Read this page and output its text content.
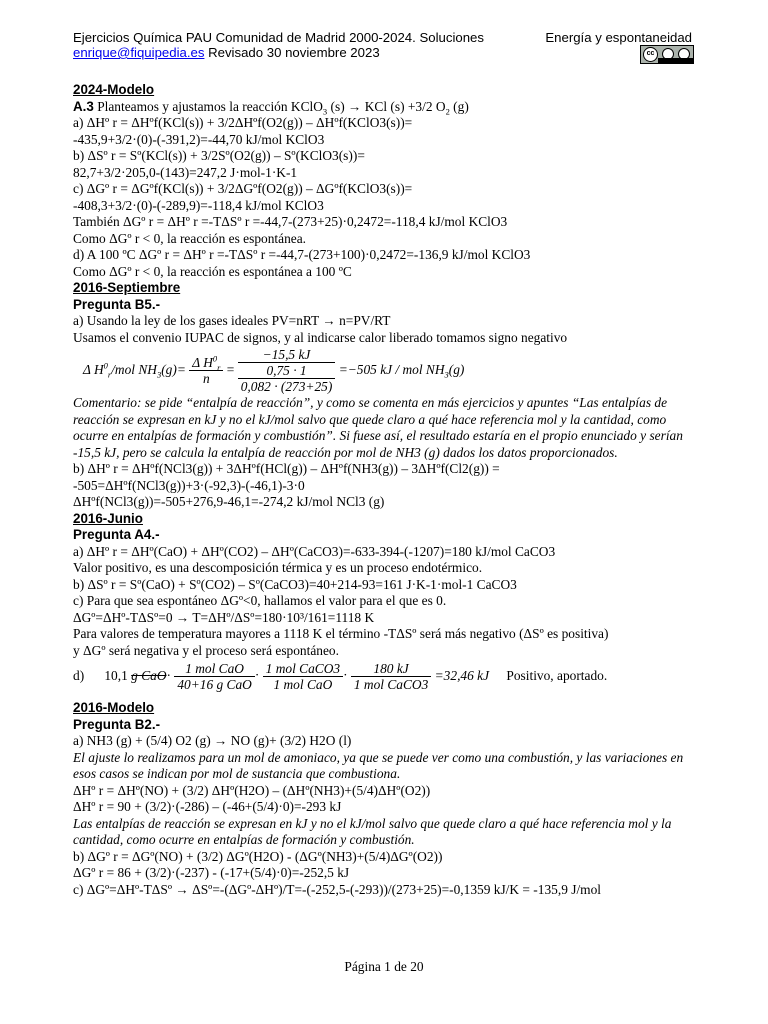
Ejercicios Química PAU Comunidad de Madrid 2000-2024. Soluciones
enrique@fiquipedia.es Revisado 30 noviembre 2023
Energía y espontaneidad
cc
2024-Modelo
A.3 Planteamos y ajustamos la reacción KClO$_3$ (s) → KCl (s) +3/2 $O_2$ (g)
a) ΔHº r = ΔHºf(KCl(s)) + 3/2ΔHºf(O2(g)) – ΔHºf(KClO3(s))=
-435,9+3/2·(0)-(-391,2)=-44,70 kJ/mol KClO3
b) ΔSº r = Sº(KCl(s)) + 3/2Sº(O2(g)) – Sº(KClO3(s))=
82,7+3/2·205,0-(143)=247,2 J·mol-1·K-1
c) ΔGº r = ΔGºf(KCl(s)) + 3/2ΔGºf(O2(g)) – ΔGºf(KClO3(s))=
-408,3+3/2·(0)-(-289,9)=-118,4 kJ/mol KClO3
También ΔGº r = ΔHº r =-TΔSº r =-44,7-(273+25)·0,2472=-118,4 kJ/mol KClO3
Como ΔGº r < 0, la reacción es espontánea.
d) A 100 ºC ΔGº r = ΔHº r =-TΔSº r =-44,7-(273+100)·0,2472=-136,9 kJ/mol KClO3
Como ΔGº r < 0, la reacción es espontánea a 100 ºC
2016-Septiembre
Pregunta B5.-
a) Usando la ley de los gases ideales PV=nRT → n=PV/RT
Usamos el convenio IUPAC de signos, y al indicarse calor liberado tomamos signo negativo
Δ $H^0_r$/mol $NH_3(g)= \frac{\Delta H^0_r}{n} = -15,5$ kJ
0,75 · 1
0,082 · (273+25) =−505 kJ / mol $NH_3(g)$
Comentario: se pide “entalpía de reacción”, y como se comenta en más ejercicios y apuntes “Las entalpías de reacción se expresan en kJ y no el kJ/mol salvo que quede claro a qué hace referencia mol y la cantidad, como ocurre en entalpías de formación y combustión”. Si fuese así, el resultado estaría en el propio enunciado y serían -15,5 kJ, pero se calcula la entalpía de reacción por mol de NH3 (g) dados los datos proporcionados.
b) ΔHº r = ΔHºf(NCl3(g)) + 3ΔHºf(HCl(g)) – ΔHºf(NH3(g)) – 3ΔHºf(Cl2(g)) =
-505=ΔHºf(NCl3(g))+3·(-92,3)-(-46,1)-3·0
ΔHºf(NCl3(g))=-505+276,9-46,1=-274,2 kJ/mol NCl3 (g)
2016-Junio
Pregunta A4.-
a) ΔHº r = ΔHº(CaO) + ΔHº(CO2) – ΔHº(CaCO3)=-633-394-(-1207)=180 kJ/mol CaCO3
Valor positivo, es una descomposición térmica y es un proceso endotérmico.
b) ΔSº r = Sº(CaO) + Sº(CO2) – Sº(CaCO3)=40+214-93=161 J·K-1·mol-1 CaCO3
c) Para que sea espontáneo ΔGº<0, hallamos el valor para el que es 0.
ΔGº=ΔHº-TΔSº=0 → T=ΔHº/ΔSº=180·10³/161=1118 K
Para valores de temperatura mayores a 1118 K el término -TΔSº será más negativo (ΔSº es positiva)
y ΔGº será negativa y el proceso será espontáneo.
d) 10,1 g $CaO\cdot \frac{\text{1 mol CaO}}{\text{40+16 g CaO}} \cdot \frac{\text{1 mol CaCO3}}{\text{1 mol CaO}} \cdot \frac{180 kJ}{\text{1 mol CaCO3}} =32,46$ kJ Positivo, aportado.
2016-Modelo
Pregunta B2.-
a) NH3 (g) + (5/4) O2 (g) → NO (g)+ (3/2) H2O (l)
El ajuste lo realizamos para un mol de amoniaco, ya que se puede ver como una combustión, y las variaciones en esos casos se indican por mol de sustancia que combustiona.
ΔHº r = ΔHº(NO) + (3/2) ΔHº(H2O) – (ΔHº(NH3)+(5/4)ΔHº(O2))
ΔHº r = 90 + (3/2)·(-286) – (-46+(5/4)·0)=-293 kJ
Las entalpías de reacción se expresan en kJ y no el kJ/mol salvo que quede claro a qué hace referencia mol y la cantidad, como ocurre en entalpías de formación y combustión.
b) ΔGº r = ΔGº(NO) + (3/2) ΔGº(H2O) - (ΔGº(NH3)+(5/4)ΔGº(O2))
ΔGº r = 86 + (3/2)·(-237) - (-17+(5/4)·0)=-252,5 kJ
c) ΔGº=ΔHº-TΔSº → ΔSº=-(ΔGº-ΔHº)/T=-(-252,5-(-293))/(273+25)=-0,1359 kJ/K = -135,9 J/mol
Página 1 de 20
